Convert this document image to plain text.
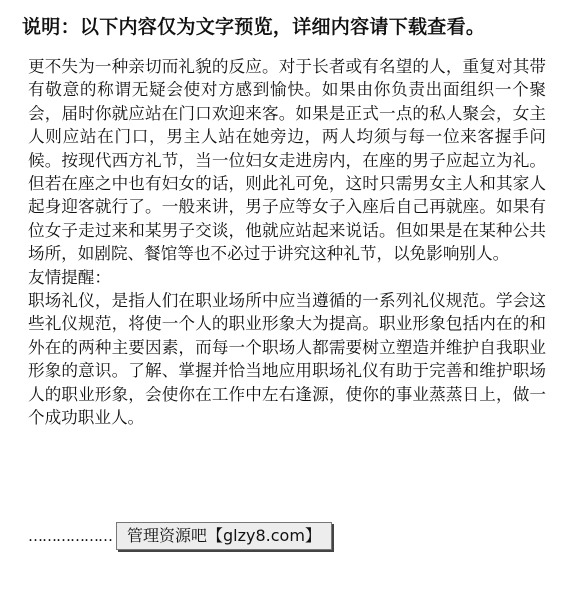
说明：以下内容仅为文字预览，详细内容请下载查看。

更不失为一种亲切而礼貌的反应。对于长者或有名望的人，重复对其带有敬意的称谓无疑会使对方感到愉快。如果由你负责出面组织一个聚会，届时你就应站在门口欢迎来客。如果是正式一点的私人聚会，女主人则应站在门口，男主人站在她旁边，两人均须与每一位来客握手问候。按现代西方礼节，当一位妇女走进房内，在座的男子应起立为礼。但若在座之中也有妇女的话，则此礼可免，这时只需男女主人和其家人起身迎客就行了。一般来讲，男子应等女子入座后自己再就座。如果有位女子走过来和某男子交谈，他就应站起来说话。但如果是在某种公共场所，如剧院、餐馆等也不必过于讲究这种礼节，以免影响别人。

友情提醒：

职场礼仪，是指人们在职业场所中应当遵循的一系列礼仪规范。学会这些礼仪规范，将使一个人的职业形象大为提高。职业形象包括内在的和外在的两种主要因素，而每一个职场人都需要树立塑造并维护自我职业形象的意识。了解、掌握并恰当地应用职场礼仪有助于完善和维护职场人的职业形象，会使你在工作中左右逢源，使你的事业蒸蒸日上，做一个成功职业人。

……………… 管理资源吧【glzy8.com】
